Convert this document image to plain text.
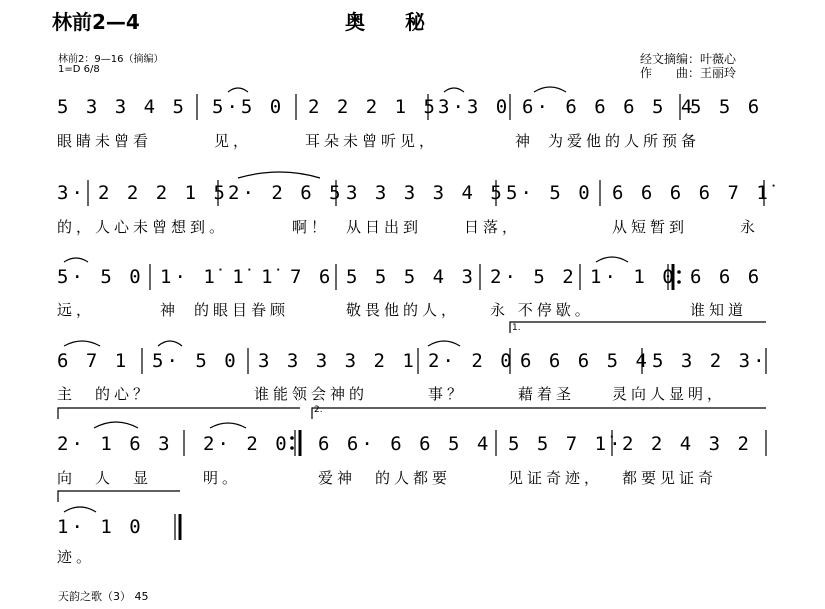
林前2—4	奥　　秘
林前2：9—16（摘编）
1=D 6/8
经文摘编：叶薇心
作　　曲：王丽玲
5 3 3 4 5 5·5 0 2 2 2 1 5 3·3 0 6· 6 6 6 5 4
5 5 6
眼睛未曾看	见，	耳朵未曾听见，	神 为爱他的人所预备
3· 2 2 2 1 5 2· 2 6 5 3 3 3 3 4 5 5· 5 0 6 6 6 6 7 1̇
的，人心未曾想到。	啊！ 从日出到	日落，	从短暂到	永
5· 5 0 1· 1̇ 1̇ 1̇ 7 6 5 5 5 4 3 2· 5 2 1· 1 0 6 6 6
远，	神 的眼目眷顾	敬畏他的人， 永 不停歇。	谁知道
6 7 1 5· 5 0 3 3 3 3 2 1 2· 2 0 6 6 6 5 4 5 3 2 3·
主　的心？	谁能领会神的	事？	藉着圣 灵向人显明，
2· 1 6 3 2· 2 0 6 6· 6 6 5 4 5 5 7 1̇·
2 2 4 3 2
向　人　显	明。	爱神　的人都要	见证奇迹， 都要见证奇
1· 1 0
迹。
1.
2.
天韵之歌（3） 45
